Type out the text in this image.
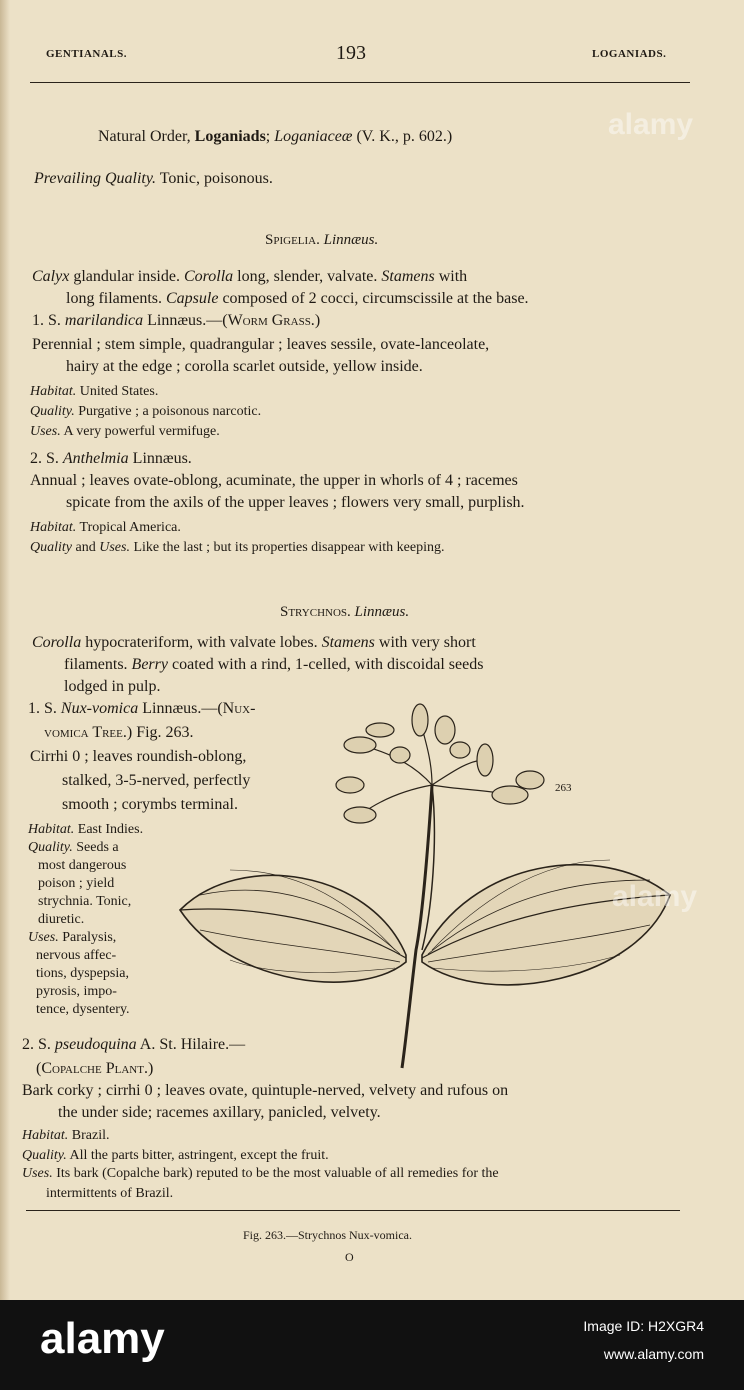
GENTIANALS.	193	LOGANIADS.
Natural Order, Loganiads; Loganiaceæ (V. K., p. 602.)
Prevailing Quality. Tonic, poisonous.
Spigelia. Linnæus.
Calyx glandular inside. Corolla long, slender, valvate. Stamens with
long filaments. Capsule composed of 2 cocci, circumscissile at the base.
1. S. marilandica Linnæus.—(Worm Grass.)
Perennial ; stem simple, quadrangular ; leaves sessile, ovate-lanceolate,
hairy at the edge ; corolla scarlet outside, yellow inside.
Habitat. United States.
Quality. Purgative ; a poisonous narcotic.
Uses. A very powerful vermifuge.
2. S. Anthelmia Linnæus.
Annual ; leaves ovate-oblong, acuminate, the upper in whorls of 4 ; racemes
spicate from the axils of the upper leaves ; flowers very small, purplish.
Habitat. Tropical America.
Quality and Uses. Like the last ; but its properties disappear with keeping.
Strychnos. Linnæus.
Corolla hypocrateriform, with valvate lobes. Stamens with very short
filaments. Berry coated with a rind, 1-celled, with discoidal seeds
lodged in pulp.
1. S. Nux-vomica Linnæus.—(Nux-
vomica Tree.) Fig. 263.
Cirrhi 0 ; leaves roundish-oblong,
stalked, 3-5-nerved, perfectly
smooth ; corymbs terminal.
Habitat. East Indies.
Quality. Seeds a
most dangerous
poison ; yield
strychnia. Tonic,
diuretic.
Uses. Paralysis,
nervous affec-
tions, dyspepsia,
pyrosis, impo-
tence, dysentery.
263
2. S. pseudoquina A. St. Hilaire.—
(Copalche Plant.)
Bark corky ; cirrhi 0 ; leaves ovate, quintuple-nerved, velvety and rufous on
the under side; racemes axillary, panicled, velvety.
Habitat. Brazil.
Quality. All the parts bitter, astringent, except the fruit.
Uses. Its bark (Copalche bark) reputed to be the most valuable of all remedies for the
intermittents of Brazil.
Fig. 263.—Strychnos Nux-vomica.
O
alamy
alamy
alamy	Image ID: H2XGR4
www.alamy.com
